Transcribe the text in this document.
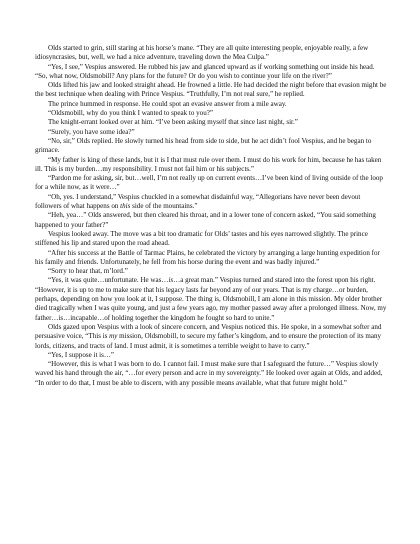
Olds started to grin, still staring at his horse’s mane. “They are all quite interesting people, enjoyable really, a few idiosyncrasies, but, well, we had a nice adventure, traveling down the Mea Culpa.”

“Yes, I see,” Vespius answered. He rubbed his jaw and glanced upward as if working something out inside his head. “So, what now, Oldsmobill? Any plans for the future? Or do you wish to continue your life on the river?”

Olds lifted his jaw and looked straight ahead. He frowned a little. He had decided the night before that evasion might be the best technique when dealing with Prince Vespius. “Truthfully, I’m not real sure,” he replied.

The prince hummed in response. He could spot an evasive answer from a mile away.

“Oldsmobill, why do you think I wanted to speak to you?”

The knight-errant looked over at him. “I’ve been asking myself that since last night, sir.”

“Surely, you have some idea?”

“No, sir,” Olds replied. He slowly turned his head from side to side, but he act didn’t fool Vespius, and he began to grimace.

“My father is king of these lands, but it is I that must rule over them. I must do his work for him, because he has taken ill. This is my burden…my responsibility. I must not fail him or his subjects.”

“Pardon me for asking, sir, but…well, I’m not really up on current events…I’ve been kind of living outside of the loop for a while now, as it were…”

“Oh, yes. I understand,” Vespius chuckled in a somewhat disdainful way, “Allegorians have never been devout followers of what happens on this side of the mountains.”

“Heh, yea…” Olds answered, but then cleared his throat, and in a lower tone of concern asked, “You said something happened to your father?”

Vespius looked away. The move was a bit too dramatic for Olds’ tastes and his eyes narrowed slightly. The prince stiffened his lip and stared upon the road ahead.

“After his success at the Battle of Tarmac Plains, he celebrated the victory by arranging a large hunting expedition for his family and friends. Unfortunately, he fell from his horse during the event and was badly injured.”

“Sorry to hear that, m’lord.”

“Yes, it was quite…unfortunate. He was…is…a great man.” Vespius turned and stared into the forest upon his right. “However, it is up to me to make sure that his legacy lasts far beyond any of our years. That is my charge…or burden, perhaps, depending on how you look at it, I suppose. The thing is, Oldsmobill, I am alone in this mission. My older brother died tragically when I was quite young, and just a few years ago, my mother passed away after a prolonged illness. Now, my father…is…incapable…of holding together the kingdom he fought so hard to unite.”

Olds gazed upon Vespius with a look of sincere concern, and Vespius noticed this. He spoke, in a somewhat softer and persuasive voice, “This is my mission, Oldsmobill, to secure my father’s kingdom, and to ensure the protection of its many lords, citizens, and tracts of land. I must admit, it is sometimes a terrible weight to have to carry.”

“Yes, I suppose it is…”

“However, this is what I was born to do. I cannot fail. I must make sure that I safeguard the future…” Vespius slowly waved his hand through the air, “…for every person and acre in my sovereignty.” He looked over again at Olds, and added, “In order to do that, I must be able to discern, with any possible means available, what that future might hold.”
